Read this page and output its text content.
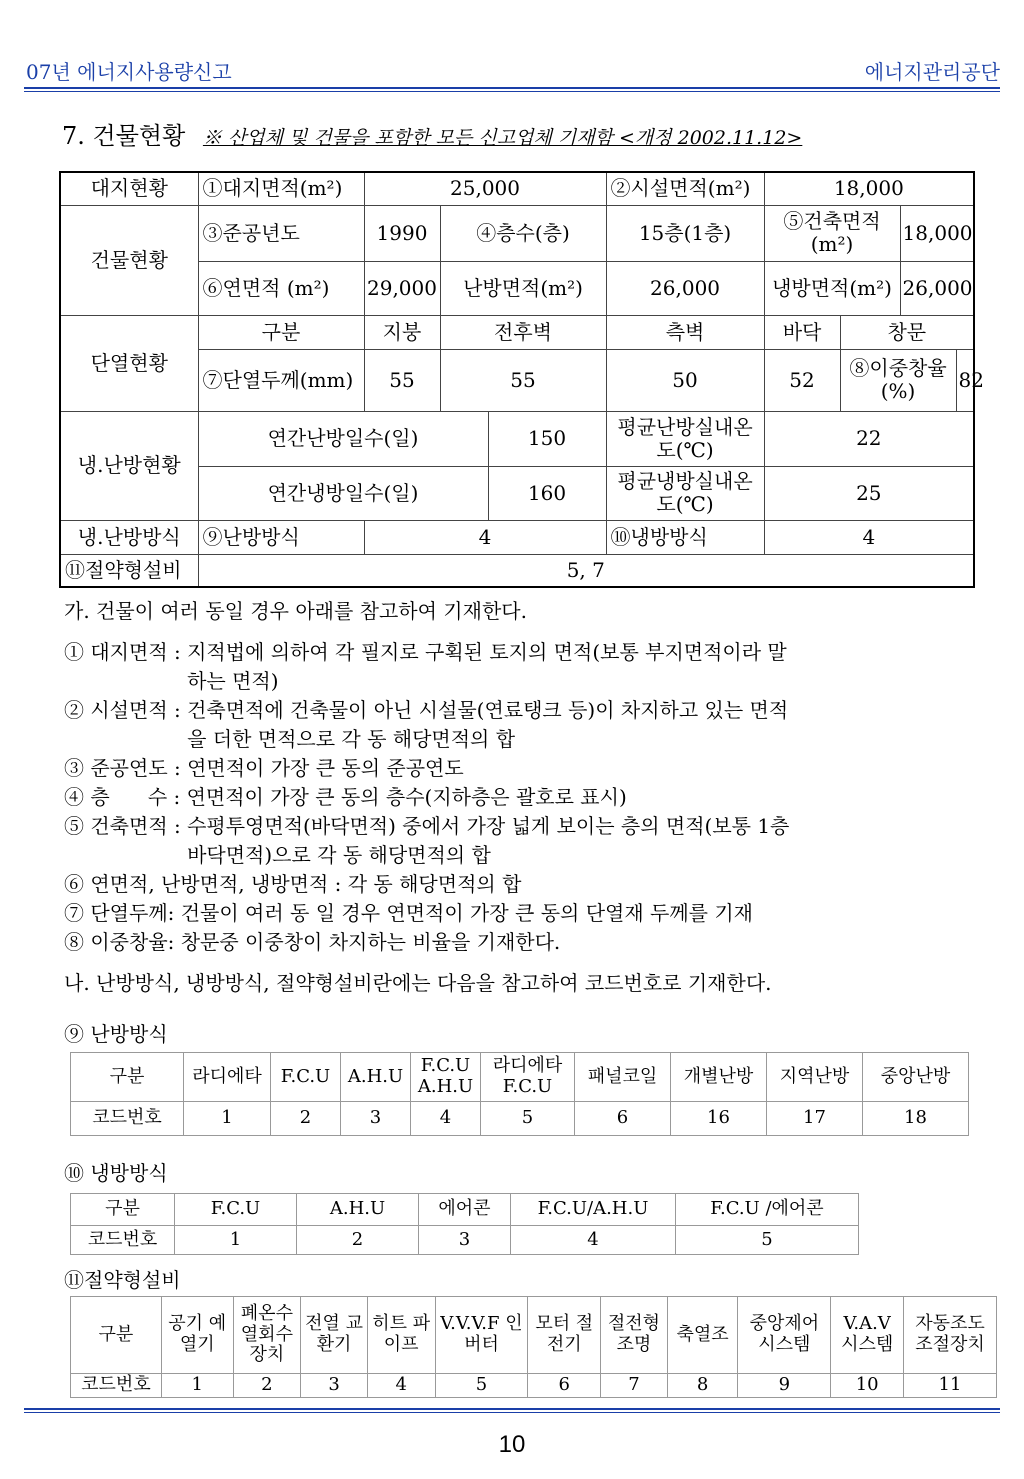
07년 에너지사용량신고	에너지관리공단
7. 건물현황 ※ 산업체 및 건물을 포함한 모든 신고업체 기재함 <개정 2002.11.12>
대지현황	①대지면적(m²)	25,000			②시설면적(m²)	18,000			
건물현황	③준공년도	1990	④층수(층)		15층(1층)	⑤건축면적(m²)		18,000	
	⑥연면적 (m²)	29,000	난방면적(m²)		26,000	냉방면적(m²)		26,000	
단열현황	구분	지붕	전후벽		측벽	바닥	창문		
	⑦단열두께(mm)	55	55		50	52	⑧이중창율(%)		82
냉.난방현황	연간난방일수(일)			150	평균난방실내온도(℃)	22			
	연간냉방일수(일)			160	평균냉방실내온도(℃)	25			
냉.난방방식	⑨난방방식	4			⑩냉방방식	4			
⑪절약형설비	5, 7								

가. 건물이 여러 동일 경우 아래를 참고하여 기재한다.

① 대지면적 : 지적법에 의하여 각 필지로 구획된 토지의 면적(보통 부지면적이라 말

하는 면적)

② 시설면적 : 건축면적에 건축물이 아닌 시설물(연료탱크 등)이 차지하고 있는 면적

을 더한 면적으로 각 동 해당면적의 합

③ 준공연도 : 연면적이 가장 큰 동의 준공연도

④ 층      수 : 연면적이 가장 큰 동의 층수(지하층은 괄호로 표시)

⑤ 건축면적 : 수평투영면적(바닥면적) 중에서 가장 넓게 보이는 층의 면적(보통 1층

바닥면적)으로 각 동 해당면적의 합

⑥ 연면적, 난방면적, 냉방면적 : 각 동 해당면적의 합

⑦ 단열두께: 건물이 여러 동 일 경우 연면적이 가장 큰 동의 단열재 두께를 기재

⑧ 이중창율: 창문중 이중창이 차지하는 비율을 기재한다.

나. 난방방식, 냉방방식, 절약형설비란에는 다음을 참고하여 코드번호로 기재한다.

⑨ 난방방식
구분	라디에타	F.C.U	A.H.U	F.C.U A.H.U	라디에타 F.C.U	패널코일	개별난방	지역난방	중앙난방
코드번호	1	2	3	4	5	6	16	17	18
⑩ 냉방방식
구분	F.C.U	A.H.U	에어콘	F.C.U/A.H.U	F.C.U /에어콘
코드번호	1	2	3	4	5
⑪절약형설비
구분	공기 예열기	폐온수 열회수 장치	전열 교환기	히트 파이프	V.V.V.F 인버터	모터 절전기	절전형 조명	축열조	중앙제어 시스템	V.A.V 시스템	자동조도 조절장치
코드번호	1	2	3	4	5	6	7	8	9	10	11
10
